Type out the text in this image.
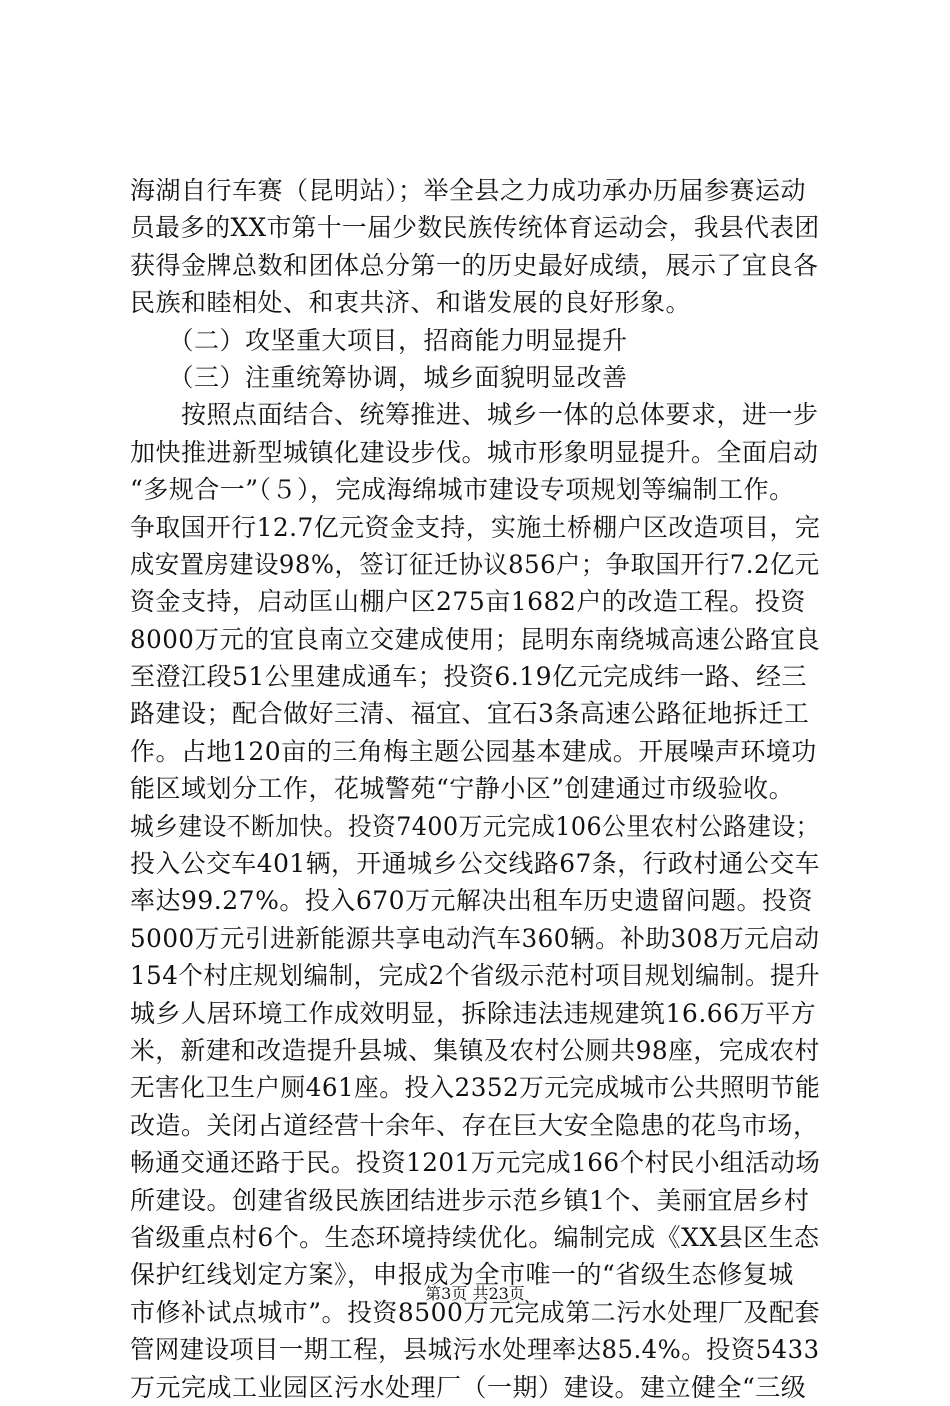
海湖自行车赛（昆明站）；举全县之力成功承办历届参赛运动
员最多的XX市第十一届少数民族传统体育运动会，我县代表团
获得金牌总数和团体总分第一的历史最好成绩，展示了宜良各
民族和睦相处、和衷共济、和谐发展的良好形象。
　　（二）攻坚重大项目，招商能力明显提升
　　（三）注重统筹协调，城乡面貌明显改善
　　按照点面结合、统筹推进、城乡一体的总体要求，进一步
加快推进新型城镇化建设步伐。城市形象明显提升。全面启动
“多规合一”（５），完成海绵城市建设专项规划等编制工作。
争取国开行12.7亿元资金支持，实施土桥棚户区改造项目，完
成安置房建设98%，签订征迁协议856户；争取国开行7.2亿元
资金支持，启动匡山棚户区275亩1682户的改造工程。投资
8000万元的宜良南立交建成使用；昆明东南绕城高速公路宜良
至澄江段51公里建成通车；投资6.19亿元完成纬一路、经三
路建设；配合做好三清、福宜、宜石3条高速公路征地拆迁工
作。占地120亩的三角梅主题公园基本建成。开展噪声环境功
能区域划分工作，花城警苑“宁静小区”创建通过市级验收。
城乡建设不断加快。投资7400万元完成106公里农村公路建设；
投入公交车401辆，开通城乡公交线路67条，行政村通公交车
率达99.27%。投入670万元解决出租车历史遗留问题。投资
5000万元引进新能源共享电动汽车360辆。补助308万元启动
154个村庄规划编制，完成2个省级示范村项目规划编制。提升
城乡人居环境工作成效明显，拆除违法违规建筑16.66万平方
米，新建和改造提升县城、集镇及农村公厕共98座，完成农村
无害化卫生户厕461座。投入2352万元完成城市公共照明节能
改造。关闭占道经营十余年、存在巨大安全隐患的花鸟市场，
畅通交通还路于民。投资1201万元完成166个村民小组活动场
所建设。创建省级民族团结进步示范乡镇1个、美丽宜居乡村
省级重点村6个。生态环境持续优化。编制完成《XX县区生态
保护红线划定方案》，申报成为全市唯一的“省级生态修复城
市修补试点城市”。投资8500万元完成第二污水处理厂及配套
管网建设项目一期工程，县城污水处理率达85.4%。投资5433
万元完成工业园区污水处理厂（一期）建设。建立健全“三级
第3页 共23页
